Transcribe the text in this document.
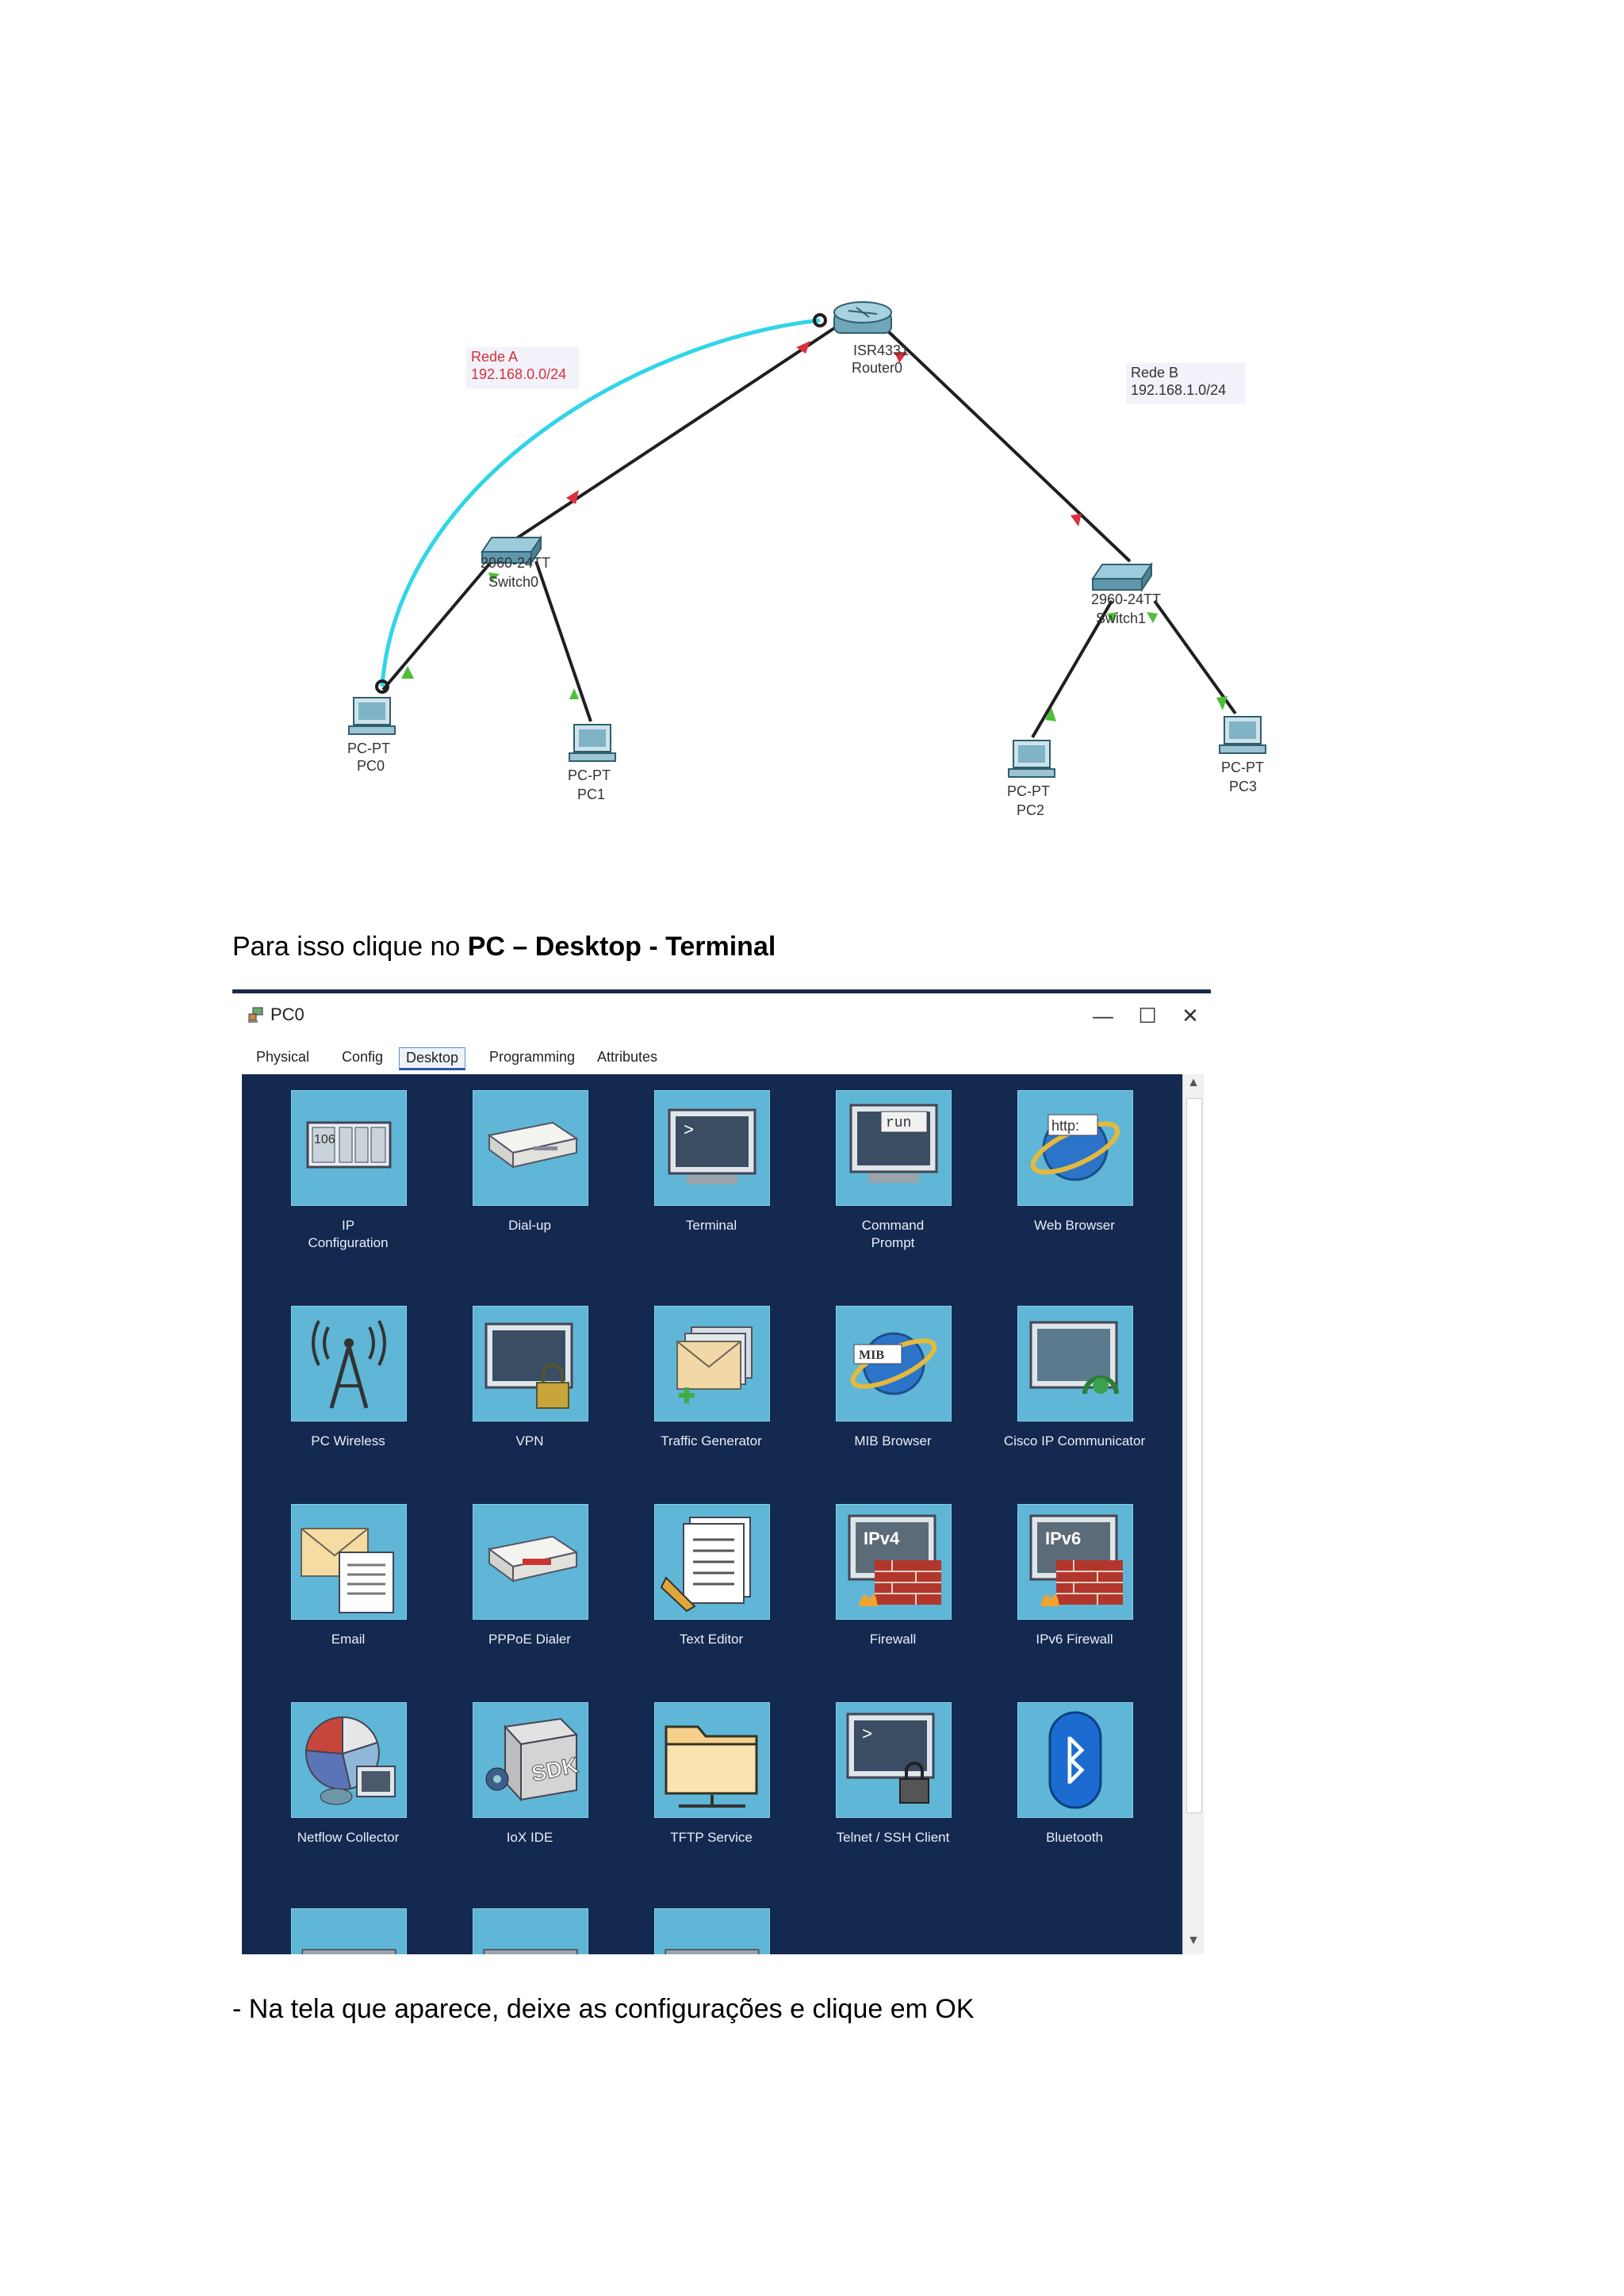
ISR4331
Router0
Rede A
192.168.0.0/24	Rede B
192.168.1.0/24
2960-24TT
Switch0
2960-24TT
Switch1
PC-PT
PC0
PC-PT
PC1	PC-PT
PC2
PC-PT
PC3
Para isso clique no PC – Desktop - Terminal
PC0	—	☐	✕
Physical	Config	Desktop	Programming	Attributes
106
IP
Configuration
Dial-up
>
Terminal
run
Command
Prompt
http:
Web Browser
PC Wireless	VPN	Traffic Generator
MIB
MIB Browser	Cisco IP Communicator
Email	PPPoE Dialer	Text Editor
IPv4
Firewall
IPv6
IPv6 Firewall
Netflow Collector
SDK
IoX IDE	TFTP Service
>
Telnet / SSH Client
ᛒ
Bluetooth
▲
▼
- Na tela que aparece, deixe as configurações e clique em OK
